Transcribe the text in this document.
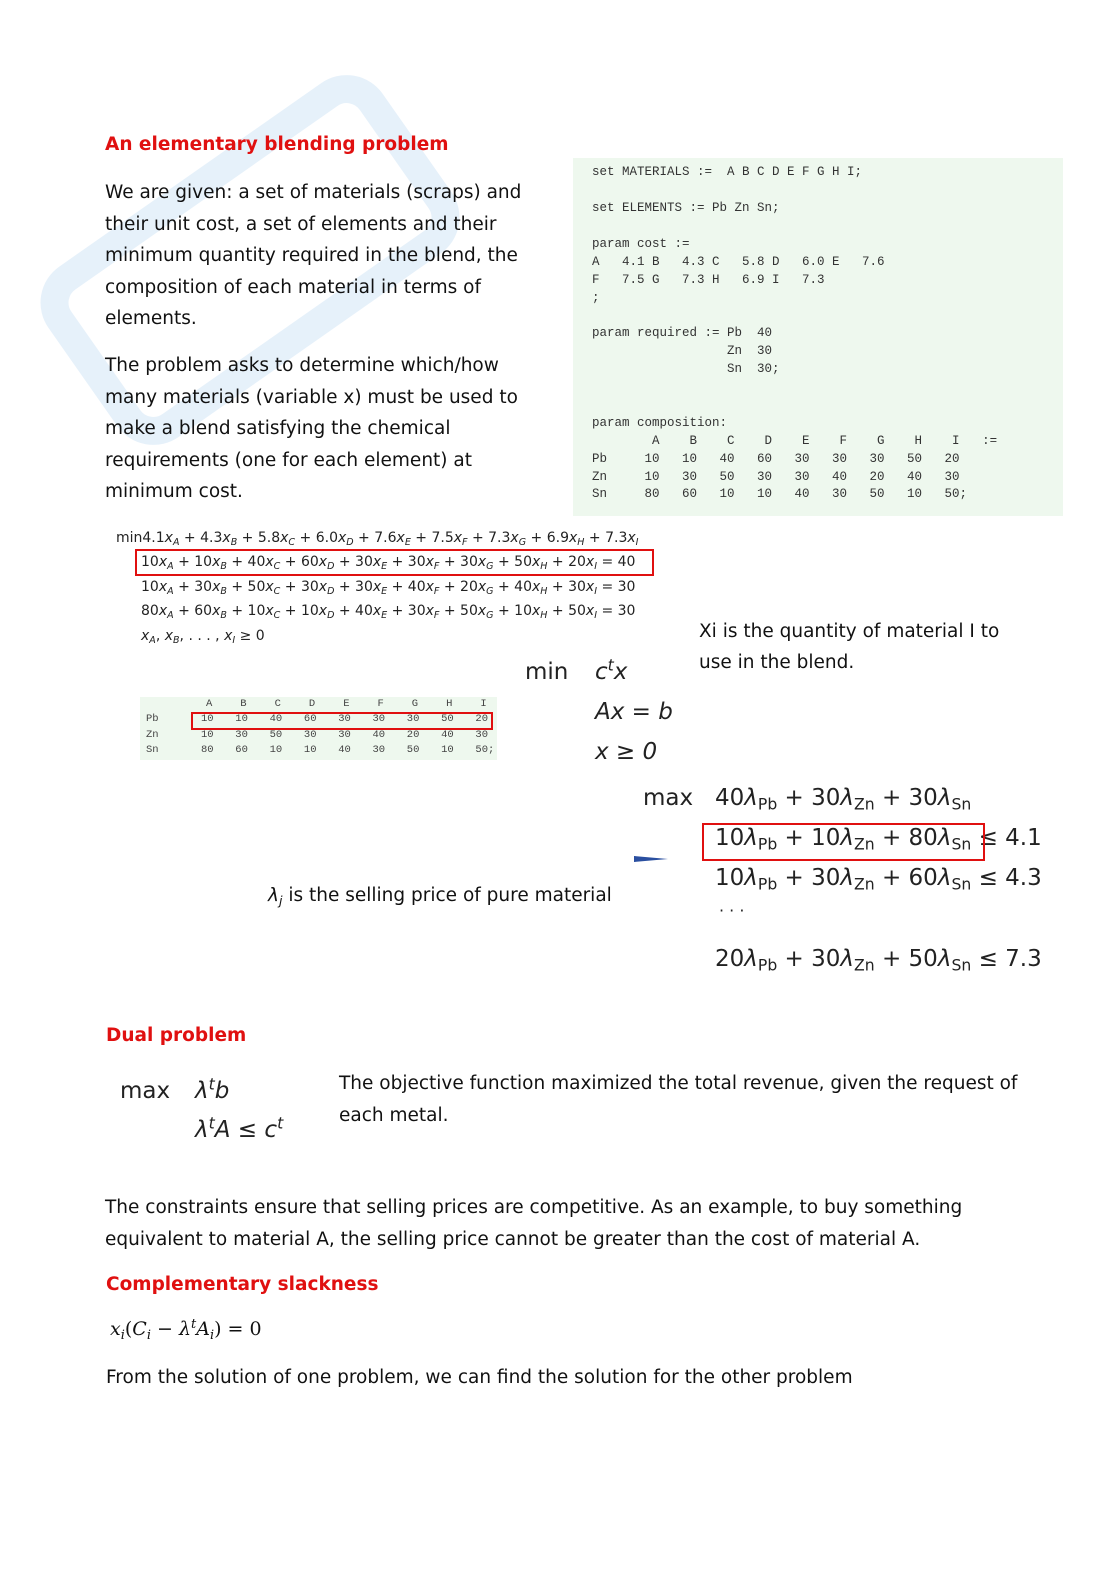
An elementary blending problem
We are given: a set of materials (scraps) and their unit cost, a set of elements and their minimum quantity required in the blend, the composition of each material in terms of elements.
The problem asks to determine which/how many materials (variable x) must be used to make a blend satisfying the chemical requirements (one for each element) at minimum cost.
set MATERIALS :=  A B C D E F G H I;
set ELEMENTS := Pb Zn Sn;
param cost :=
A   4.1 B   4.3 C   5.8 D   6.0 E   7.6
F   7.5 G   7.3 H   6.9 I   7.3
;
param required := Pb  40
Zn  30
Sn  30;
param composition:
A    B    C    D    E    F    G    H    I   :=
Pb     10   10   40   60   30   30   30   50   20
Zn     10   30   50   30   30   40   20   40   30
Sn     80   60   10   10   40   30   50   10   50;
$\min 4.1x_A + 4.3x_B + 5.8x_C + 6.0x_D + 7.6x_E + 7.5x_F + 7.3x_G + 6.9x_H + 7.3x_I$
$10x_A + 10x_B + 40x_C + 60x_D + 30x_E + 30x_F + 30x_G + 50x_H + 20x_I = 40$
$10x_A + 30x_B + 50x_C + 30x_D + 30x_E + 40x_F + 20x_G + 40x_H + 30x_I = 30$
$80x_A + 60x_B + 10x_C + 10x_D + 40x_E + 30x_F + 50x_G + 10x_H + 50x_I = 30$
$x_A$, $x_B$, . . . , $x_I \ge 0$
A	B	C	D	E	F	G	H	I
Pb	10 10 40 60 30 30 30 50 20
Zn	10 30 50 30 30 40 20 40 30
Sn	80 60 10 10 40 30 50 10 50;
$\min c^tx$
Ax = b
x ≥ 0
Xi is the quantity of material I to
use in the blend.
$\max 40\lambda_{Pb} + 30\lambda_{Zn} + 30\lambda_{Sn}$
$10\lambda_{Pb} + 10\lambda_{Zn} + 80\lambda_{Sn} \le 4.1$
$10\lambda_{Pb} + 30\lambda_{Zn} + 60\lambda_{Sn} \le 4.3$
$20\lambda_{Pb} + 30\lambda_{Zn} + 50\lambda_{Sn} \le 7.3$
· · ·
$\lambda_j$ is the selling price of pure material
Dual problem
$\max \lambda^tb$
$\lambda^tA \le c^t$
The objective function maximized the total revenue, given the request of each metal.
The constraints ensure that selling prices are competitive. As an example, to buy something equivalent to material A, the selling price cannot be greater than the cost of material A.
Complementary slackness
$x_i(C_i - \lambda^tA_i) = 0$
From the solution of one problem, we can find the solution for the other problem
